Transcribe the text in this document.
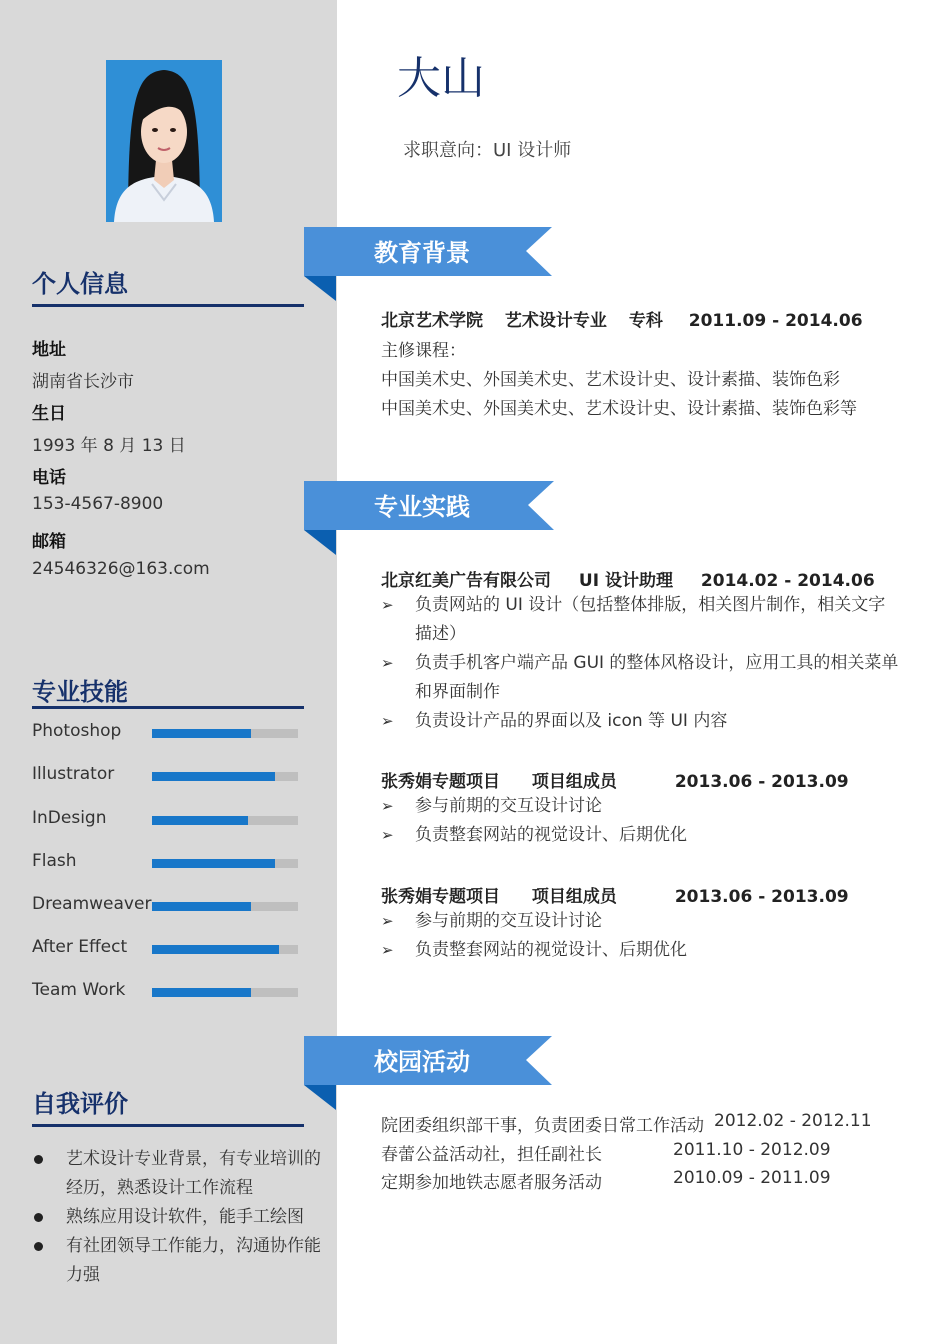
个人信息
地址
湖南省长沙市
生日
1993 年 8 月 13 日
电话
153-4567-8900
邮箱
24546326@163.com
专业技能
Photoshop
Illustrator
InDesign
Flash
Dreamweaver
After Effect
Team Work
自我评价
艺术设计专业背景，有专业培训的经历，熟悉设计工作流程
熟练应用设计软件，能手工绘图
有社团领导工作能力，沟通协作能力强
大山
求职意向：UI 设计师
教育背景
北京艺术学院 艺术设计专业 专科 2011.09 - 2014.06
主修课程：
中国美术史、外国美术史、艺术设计史、设计素描、装饰色彩
中国美术史、外国美术史、艺术设计史、设计素描、装饰色彩等
专业实践
北京红美广告有限公司 UI 设计助理 2014.02 - 2014.06
➢ 负责网站的 UI 设计（包括整体排版，相关图片制作，相关文字描述）
➢ 负责手机客户端产品 GUI 的整体风格设计，应用工具的相关菜单和界面制作
➢ 负责设计产品的界面以及 icon 等 UI 内容
张秀娟专题项目 项目组成员	2013.06 - 2013.09
➢ 参与前期的交互设计讨论
➢ 负责整套网站的视觉设计、后期优化
张秀娟专题项目 项目组成员	2013.06 - 2013.09
➢ 参与前期的交互设计讨论
➢ 负责整套网站的视觉设计、后期优化
校园活动
院团委组织部干事，负责团委日常工作活动 2012.02 - 2012.11
春蕾公益活动社，担任副社长	2011.10 - 2012.09
定期参加地铁志愿者服务活动	2010.09 - 2011.09
